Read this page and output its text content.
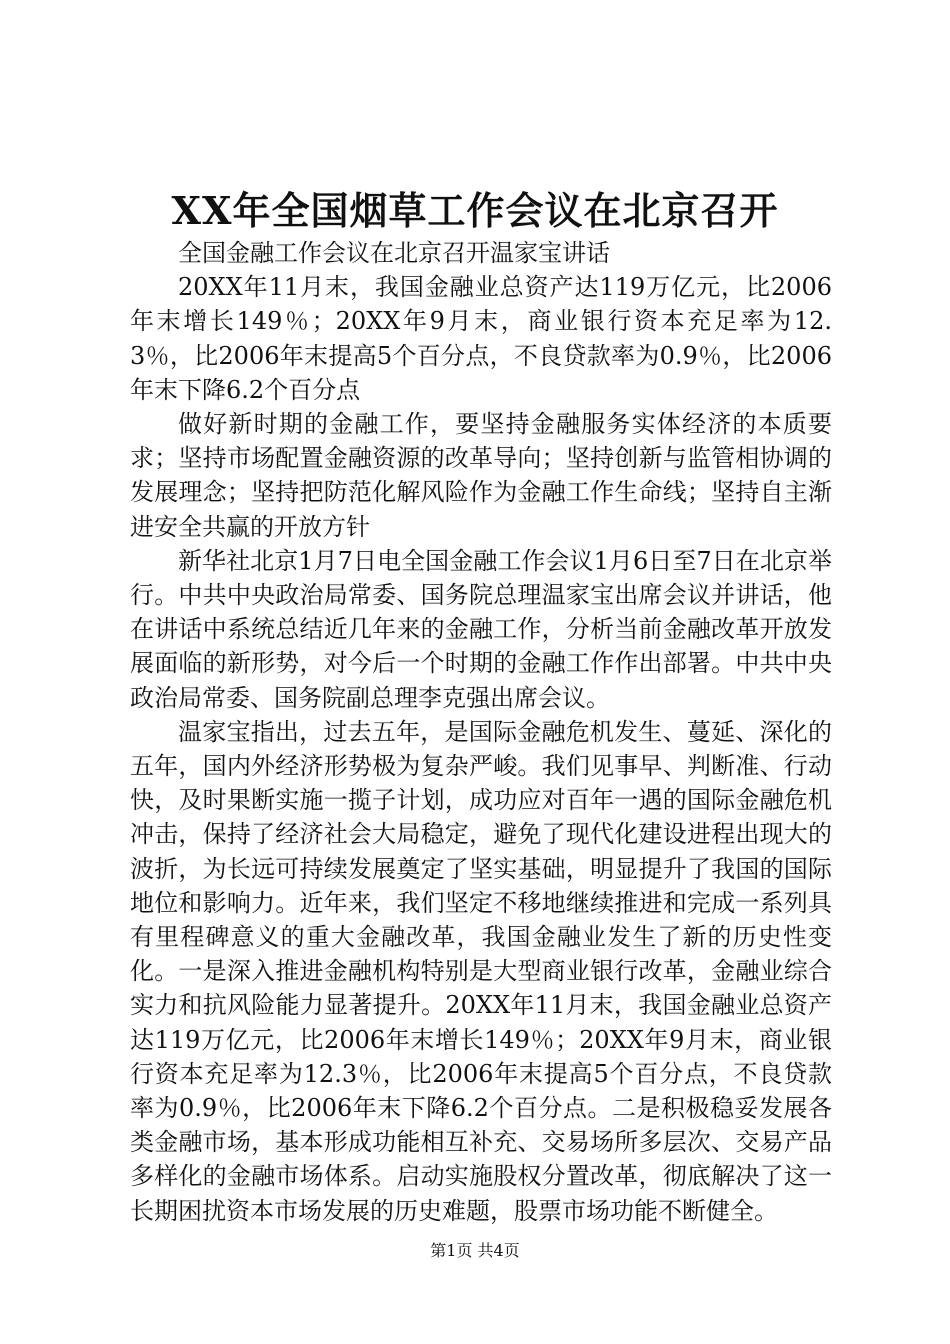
XX年全国烟草工作会议在北京召开

全国金融工作会议在北京召开温家宝讲话

20XX年11月末，我国金融业总资产达119万亿元，比2006年末增长149％；20XX年9月末，商业银行资本充足率为12.3％，比2006年末提高5个百分点，不良贷款率为0.9％，比2006年末下降6.2个百分点

做好新时期的金融工作，要坚持金融服务实体经济的本质要求；坚持市场配置金融资源的改革导向；坚持创新与监管相协调的发展理念；坚持把防范化解风险作为金融工作生命线；坚持自主渐进安全共赢的开放方针

新华社北京1月7日电全国金融工作会议1月6日至7日在北京举行。中共中央政治局常委、国务院总理温家宝出席会议并讲话，他在讲话中系统总结近几年来的金融工作，分析当前金融改革开放发展面临的新形势，对今后一个时期的金融工作作出部署。中共中央政治局常委、国务院副总理李克强出席会议。

温家宝指出，过去五年，是国际金融危机发生、蔓延、深化的五年，国内外经济形势极为复杂严峻。我们见事早、判断准、行动快，及时果断实施一揽子计划，成功应对百年一遇的国际金融危机冲击，保持了经济社会大局稳定，避免了现代化建设进程出现大的波折，为长远可持续发展奠定了坚实基础，明显提升了我国的国际地位和影响力。近年来，我们坚定不移地继续推进和完成一系列具有里程碑意义的重大金融改革，我国金融业发生了新的历史性变化。一是深入推进金融机构特别是大型商业银行改革，金融业综合实力和抗风险能力显著提升。20XX年11月末，我国金融业总资产达119万亿元，比2006年末增长149％；20XX年9月末，商业银行资本充足率为12.3％，比2006年末提高5个百分点，不良贷款率为0.9％，比2006年末下降6.2个百分点。二是积极稳妥发展各类金融市场，基本形成功能相互补充、交易场所多层次、交易产品多样化的金融市场体系。启动实施股权分置改革，彻底解决了这一长期困扰资本市场发展的历史难题，股票市场功能不断健全。

第1页 共4页
